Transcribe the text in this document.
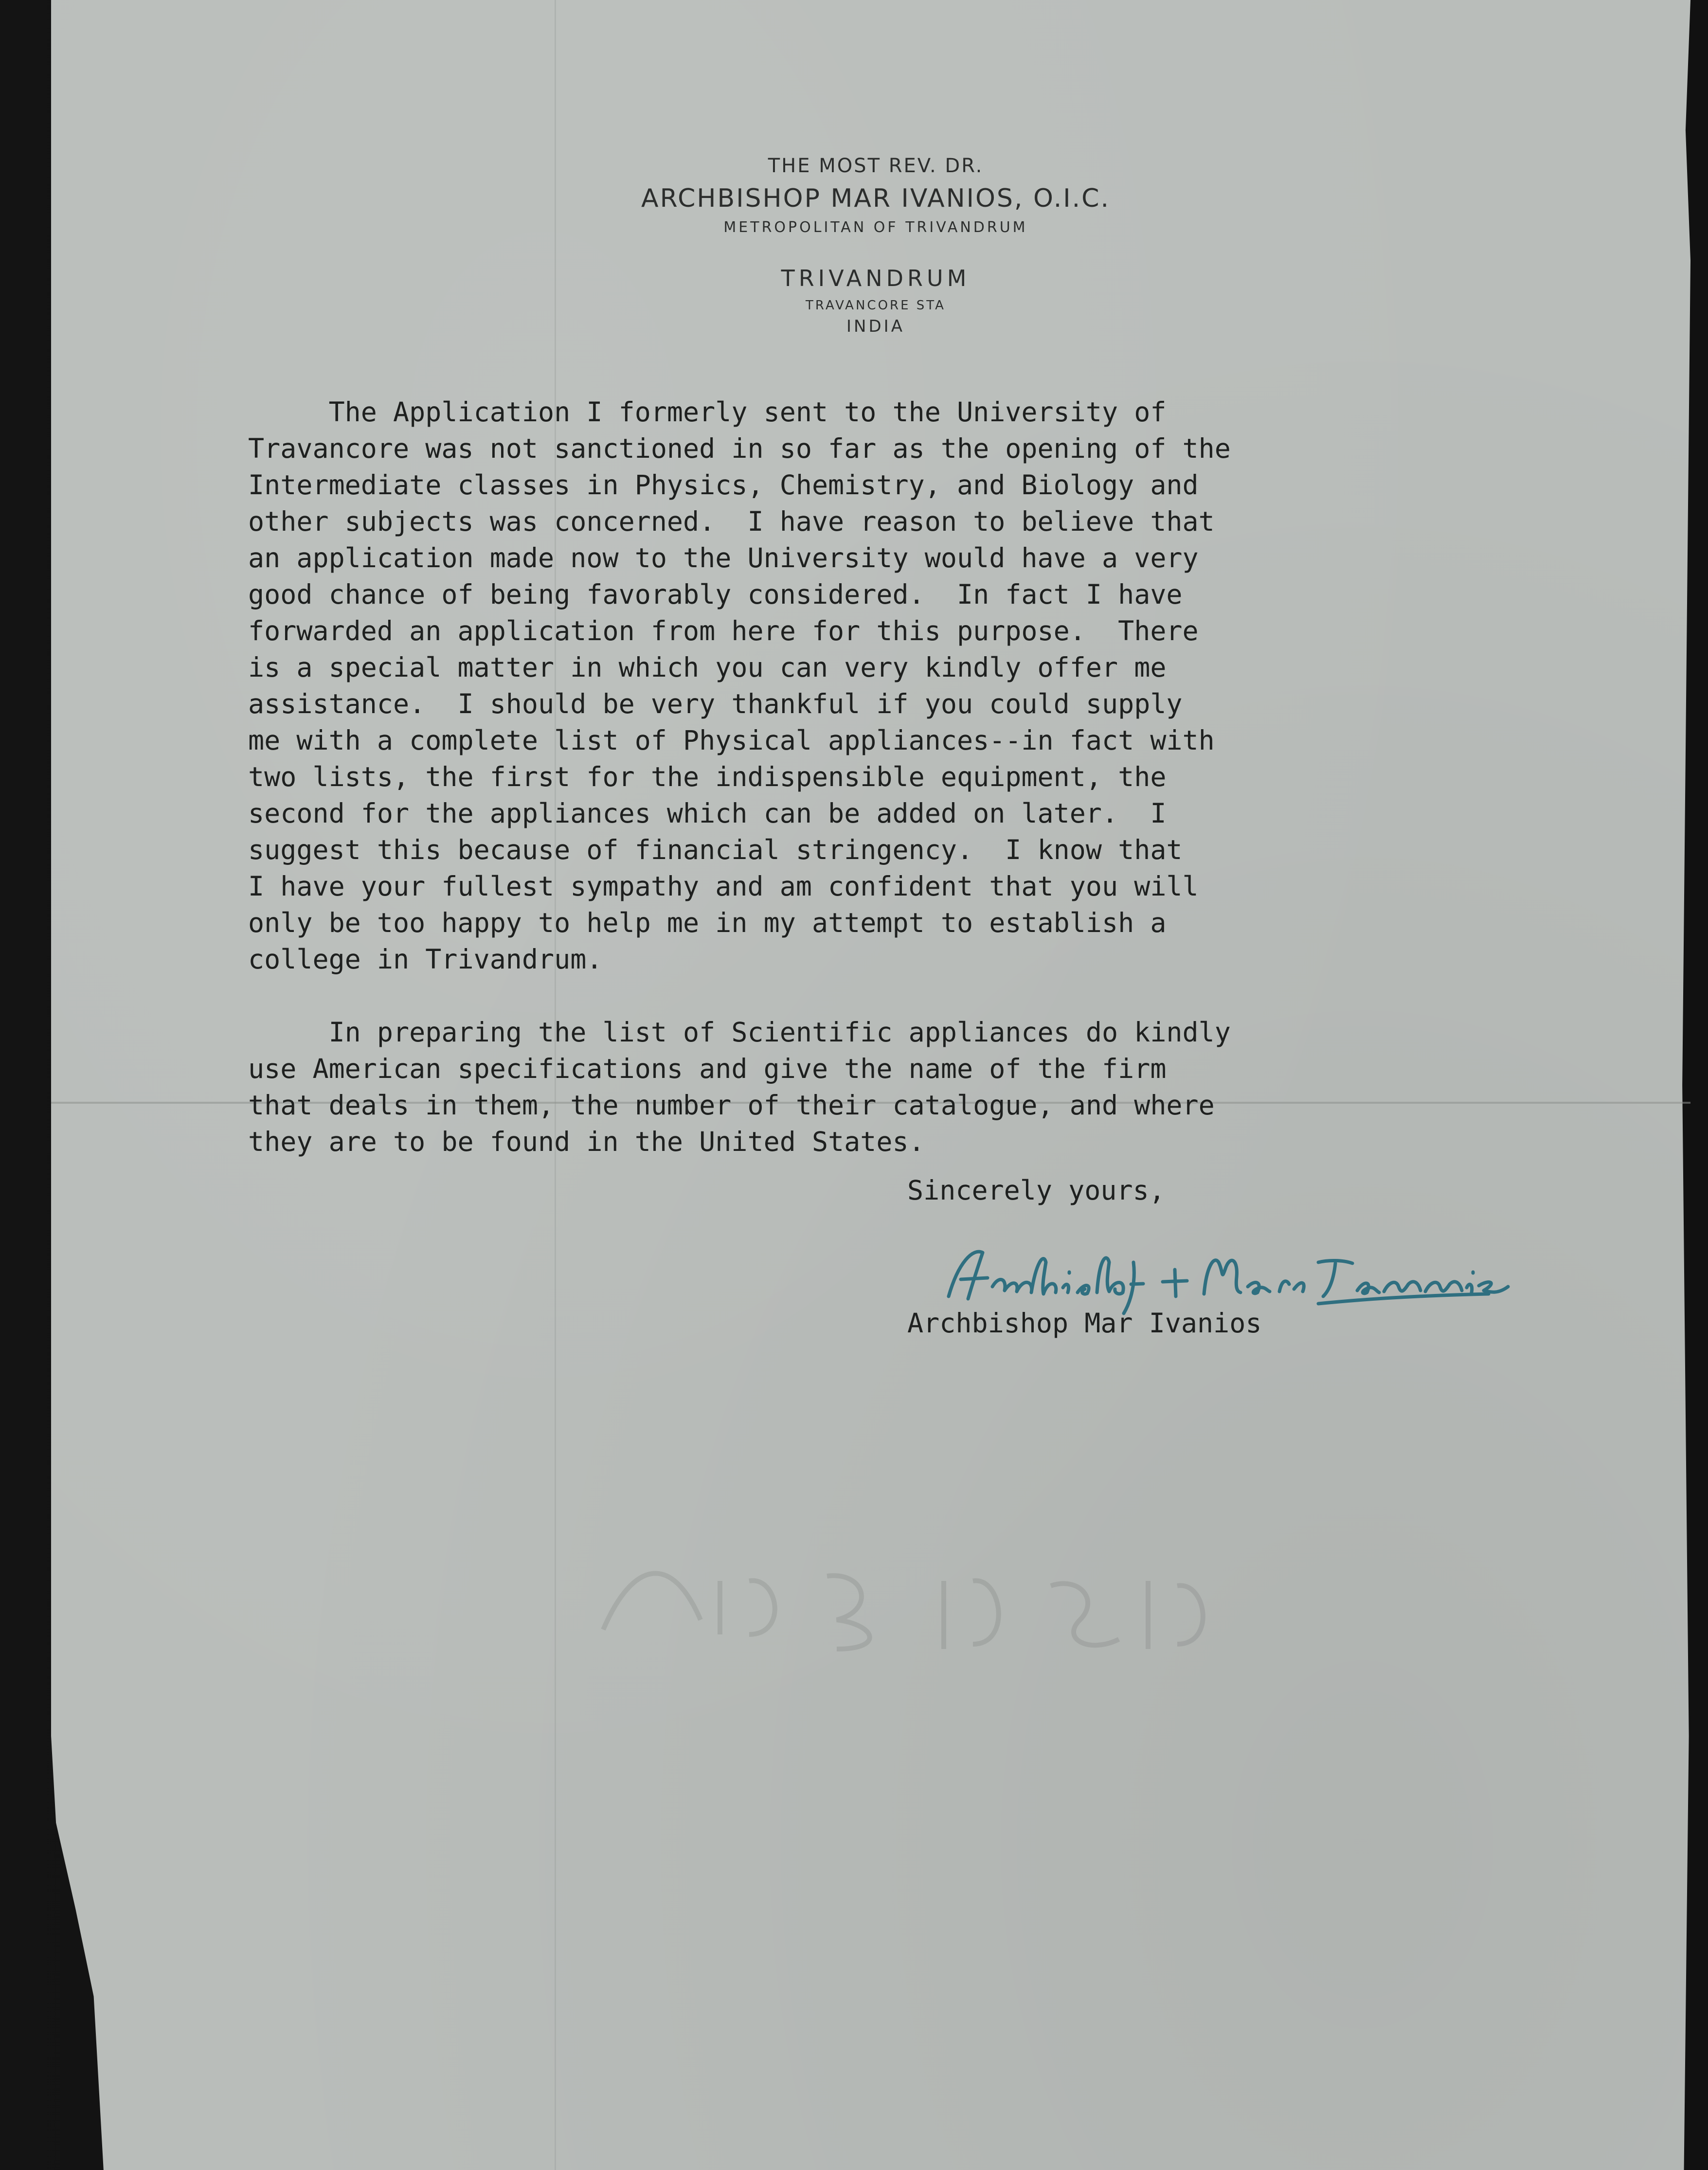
THE MOST REV. DR.
ARCHBISHOP MAR IVANIOS, O.I.C.
METROPOLITAN OF TRIVANDRUM
TRIVANDRUM
TRAVANCORE STA
INDIA
The Application I formerly sent to the University of
Travancore was not sanctioned in so far as the opening of the
Intermediate classes in Physics, Chemistry, and Biology and
other subjects was concerned.  I have reason to believe that
an application made now to the University would have a very
good chance of being favorably considered.  In fact I have
forwarded an application from here for this purpose.  There
is a special matter in which you can very kindly offer me
assistance.  I should be very thankful if you could supply
me with a complete list of Physical appliances--in fact with
two lists, the first for the indispensible equipment, the
second for the appliances which can be added on later.  I
suggest this because of financial stringency.  I know that
I have your fullest sympathy and am confident that you will
only be too happy to help me in my attempt to establish a
college in Trivandrum.
In preparing the list of Scientific appliances do kindly
use American specifications and give the name of the firm
that deals in them, the number of their catalogue, and where
they are to be found in the United States.
Sincerely yours,
Archbishop Mar Ivanios
